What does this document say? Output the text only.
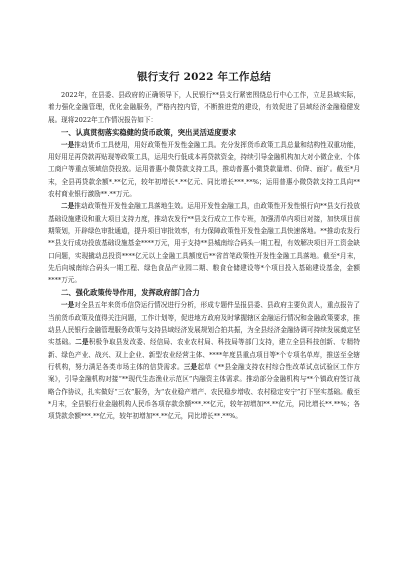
银行支行 2022 年工作总结

2022年，在县委、县政府的正确领导下，人民银行**县支行紧密围绕总行中心工作，立足县域实际，着力强化金融管理，优化金融服务，严格内控内管，不断推进党的建设，有效促进了县域经济金融稳健发展。现将2022年工作情况报告如下：

一、认真贯彻落实稳健的货币政策，突出灵活适度要求

一是推动货币工具使用，用好政策性开发性金融工具。充分发挥货币政策工具总量和结构性双重功能，用好用足再贷款再贴现等政策工具，运用央行低成本再贷款资金，持续引导金融机构加大对小微企业、个体工商户等重点领域信贷投放。运用普惠小微贷款支持工具，推动普惠小微贷款量增、价降、面扩。截至*月末，全县再贷款余额*.**亿元，较年初增长*.**亿元、同比增长***.**%；运用普惠小微贷款支持工具向**农村商业银行激励**.**万元。

二是推动政策性开发性金融工具落地生效。运用开发性金融工具，由政策性开发性银行向**县支行投放基础设施建设和重大项目支持力度，推动农发行**县支行成立工作专班，加强清单内项目对接，加快项目前期策划，开辟绿色审批通道，提升项目审批效率，有力保障政策性开发性金融工具快速落地。**推动农发行**县支行成功投放基础设施基金****万元，用于支持**县城南综合码头一期工程，有效解决项目开工资金缺口问题，实现撬动总投资****亿元以上金融工具额度后**省首笔政策性开发性金融工具落地。截至*月末，先后向城南综合码头一期工程、绿色食品产业园二期、粮食仓储建设等*个项目投入基础建设基金，金额****万元。

二、强化政策传导作用，发挥政府部门合力

一是对全县五年来货币信贷运行情况进行分析，形成专题件呈报县委、县政府主要负责人，重点报告了当前货币政策及值得关注问题，工作计划等，促进地方政府及时掌握辖区金融运行情况和金融政策要求，推动县人民银行金融管理服务政策与支持县域经济发展规划合拍共振，为全县经济金融协调可持续发展奠定坚实基础。二是积极争取县发改委、经信局、农业农村局、科技局等部门支持，建立全县科技创新、专精特新、绿色产业、战兴、双上企业、新型农业经营主体、****年度县重点项目等*个专项名单库，推送至全辖行机构，努力满足各类市场主体的信贷需求。三是起草《**县金融支持农村综合性改革试点试验区工作方案》，引导金融机构对接“**现代生态渔业示范区”内融资主体需求。推动部分金融机构与**个镇政府签订战略合作协议，扎实做好“三农”服务，为“农业稳产增产、农民稳步增收、农村稳定安宁”打下坚实基础。截至*月末，全县银行业金融机构人民币各项存款余额***.**亿元，较年初增加**.**亿元，同比增长**.**%；各项贷款余额***.**亿元，较年初增加**.**亿元，同比增长**.**%。
